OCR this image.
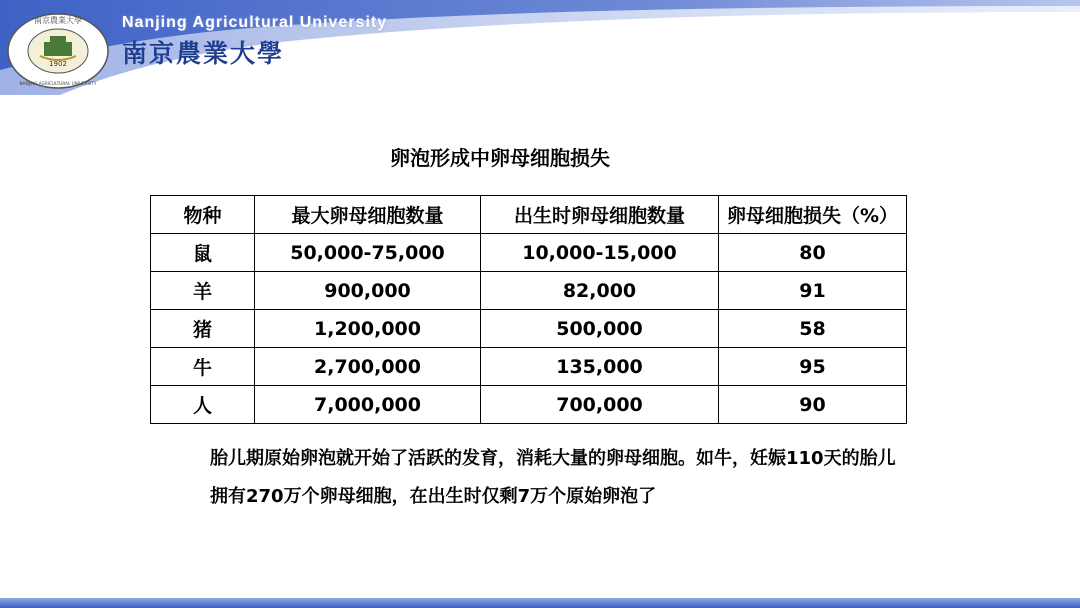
1902
南京農業大學
NANJING AGRICULTURAL UNIVERSITY
Nanjing Agricultural University
南京農業大學
卵泡形成中卵母细胞损失
物种	最大卵母细胞数量	出生时卵母细胞数量	卵母细胞损失（%）
鼠	50,000-75,000	10,000-15,000	80
羊	900,000	82,000	91
猪	1,200,000	500,000	58
牛	2,700,000	135,000	95
人	7,000,000	700,000	90
胎儿期原始卵泡就开始了活跃的发育，消耗大量的卵母细胞。如牛，妊娠110天的胎儿拥有270万个卵母细胞，在出生时仅剩7万个原始卵泡了
